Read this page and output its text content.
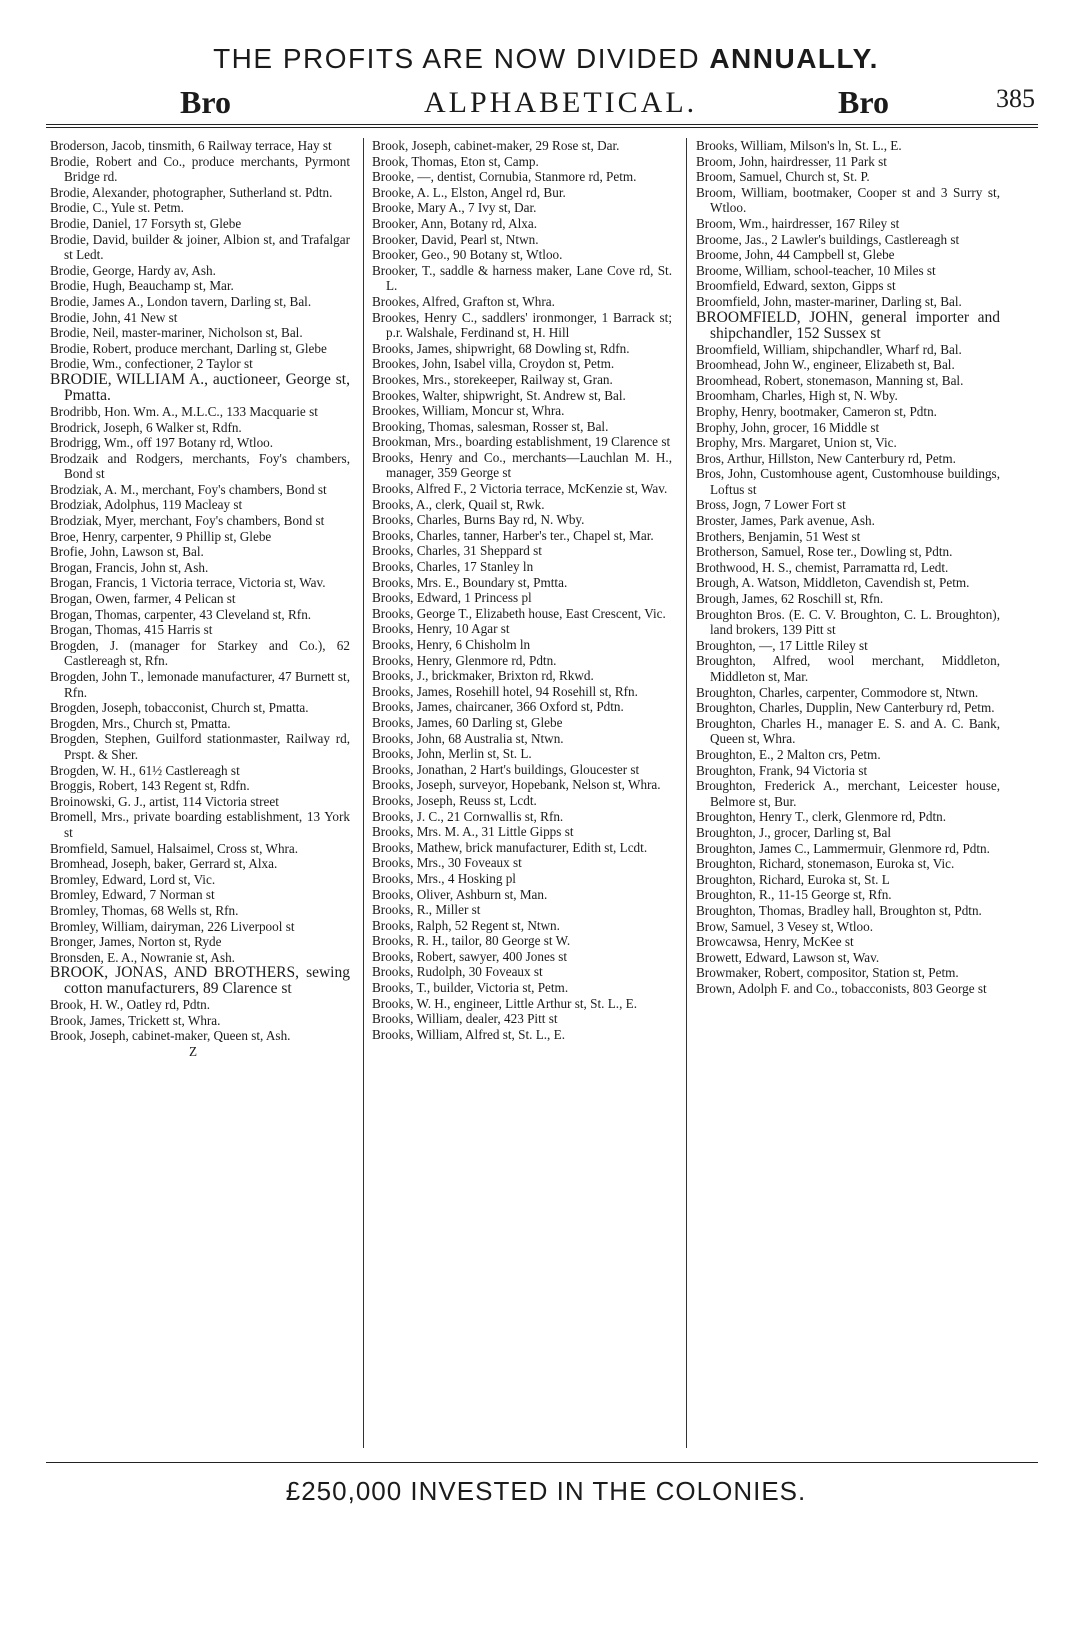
THE PROFITS ARE NOW DIVIDED ANNUALLY.
Bro	ALPHABETICAL.	Bro	385
Broderson, Jacob, tinsmith, 6 Railway terrace, Hay st
Brodie, Robert and Co., produce merchants, Pyrmont Bridge rd.
Brodie, Alexander, photographer, Sutherland st. Pdtn.
Brodie, C., Yule st. Petm.
Brodie, Daniel, 17 Forsyth st, Glebe
Brodie, David, builder & joiner, Albion st, and Trafalgar st Ledt.
Brodie, George, Hardy av, Ash.
Brodie, Hugh, Beauchamp st, Mar.
Brodie, James A., London tavern, Darling st, Bal.
Brodie, John, 41 New st
Brodie, Neil, master-mariner, Nicholson st, Bal.
Brodie, Robert, produce merchant, Darling st, Glebe
Brodie, Wm., confectioner, 2 Taylor st
BRODIE, WILLIAM A., auctioneer, George st, Pmatta.
Brodribb, Hon. Wm. A., M.L.C., 133 Macquarie st
Brodrick, Joseph, 6 Walker st, Rdfn.
Brodrigg, Wm., off 197 Botany rd, Wtloo.
Brodzaik and Rodgers, merchants, Foy's chambers, Bond st
Brodziak, A. M., merchant, Foy's chambers, Bond st
Brodziak, Adolphus, 119 Macleay st
Brodziak, Myer, merchant, Foy's chambers, Bond st
Broe, Henry, carpenter, 9 Phillip st, Glebe
Brofie, John, Lawson st, Bal.
Brogan, Francis, John st, Ash.
Brogan, Francis, 1 Victoria terrace, Victoria st, Wav.
Brogan, Owen, farmer, 4 Pelican st
Brogan, Thomas, carpenter, 43 Cleveland st, Rfn.
Brogan, Thomas, 415 Harris st
Brogden, J. (manager for Starkey and Co.), 62 Castlereagh st, Rfn.
Brogden, John T., lemonade manufacturer, 47 Burnett st, Rfn.
Brogden, Joseph, tobacconist, Church st, Pmatta.
Brogden, Mrs., Church st, Pmatta.
Brogden, Stephen, Guilford stationmaster, Railway rd, Prspt. & Sher.
Brogden, W. H., 61½ Castlereagh st
Broggis, Robert, 143 Regent st, Rdfn.
Broinowski, G. J., artist, 114 Victoria street
Bromell, Mrs., private boarding establishment, 13 York st
Bromfield, Samuel, Halsaimel, Cross st, Whra.
Bromhead, Joseph, baker, Gerrard st, Alxa.
Bromley, Edward, Lord st, Vic.
Bromley, Edward, 7 Norman st
Bromley, Thomas, 68 Wells st, Rfn.
Bromley, William, dairyman, 226 Liverpool st
Bronger, James, Norton st, Ryde
Bronsden, E. A., Nowranie st, Ash.
BROOK, JONAS, AND BROTHERS, sewing cotton manufacturers, 89 Clarence st
Brook, H. W., Oatley rd, Pdtn.
Brook, James, Trickett st, Whra.
Brook, Joseph, cabinet-maker, Queen st, Ash.
Z
Brook, Joseph, cabinet-maker, 29 Rose st, Dar.
Brook, Thomas, Eton st, Camp.
Brooke, —, dentist, Cornubia, Stanmore rd, Petm.
Brooke, A. L., Elston, Angel rd, Bur.
Brooke, Mary A., 7 Ivy st, Dar.
Brooker, Ann, Botany rd, Alxa.
Brooker, David, Pearl st, Ntwn.
Brooker, Geo., 90 Botany st, Wtloo.
Brooker, T., saddle & harness maker, Lane Cove rd, St. L.
Brookes, Alfred, Grafton st, Whra.
Brookes, Henry C., saddlers' ironmonger, 1 Barrack st; p.r. Walshale, Ferdinand st, H. Hill
Brooks, James, shipwright, 68 Dowling st, Rdfn.
Brookes, John, Isabel villa, Croydon st, Petm.
Brookes, Mrs., storekeeper, Railway st, Gran.
Brookes, Walter, shipwright, St. Andrew st, Bal.
Brookes, William, Moncur st, Whra.
Brooking, Thomas, salesman, Rosser st, Bal.
Brookman, Mrs., boarding establishment, 19 Clarence st
Brooks, Henry and Co., merchants—Lauchlan M. H., manager, 359 George st
Brooks, Alfred F., 2 Victoria terrace, McKenzie st, Wav.
Brooks, A., clerk, Quail st, Rwk.
Brooks, Charles, Burns Bay rd, N. Wby.
Brooks, Charles, tanner, Harber's ter., Chapel st, Mar.
Brooks, Charles, 31 Sheppard st
Brooks, Charles, 17 Stanley ln
Brooks, Mrs. E., Boundary st, Pmtta.
Brooks, Edward, 1 Princess pl
Brooks, George T., Elizabeth house, East Crescent, Vic.
Brooks, Henry, 10 Agar st
Brooks, Henry, 6 Chisholm ln
Brooks, Henry, Glenmore rd, Pdtn.
Brooks, J., brickmaker, Brixton rd, Rkwd.
Brooks, James, Rosehill hotel, 94 Rosehill st, Rfn.
Brooks, James, chaircaner, 366 Oxford st, Pdtn.
Brooks, James, 60 Darling st, Glebe
Brooks, John, 68 Australia st, Ntwn.
Brooks, John, Merlin st, St. L.
Brooks, Jonathan, 2 Hart's buildings, Gloucester st
Brooks, Joseph, surveyor, Hopebank, Nelson st, Whra.
Brooks, Joseph, Reuss st, Lcdt.
Brooks, J. C., 21 Cornwallis st, Rfn.
Brooks, Mrs. M. A., 31 Little Gipps st
Brooks, Mathew, brick manufacturer, Edith st, Lcdt.
Brooks, Mrs., 30 Foveaux st
Brooks, Mrs., 4 Hosking pl
Brooks, Oliver, Ashburn st, Man.
Brooks, R., Miller st
Brooks, Ralph, 52 Regent st, Ntwn.
Brooks, R. H., tailor, 80 George st W.
Brooks, Robert, sawyer, 400 Jones st
Brooks, Rudolph, 30 Foveaux st
Brooks, T., builder, Victoria st, Petm.
Brooks, W. H., engineer, Little Arthur st, St. L., E.
Brooks, William, dealer, 423 Pitt st
Brooks, William, Alfred st, St. L., E.
Brooks, William, Milson's ln, St. L., E.
Broom, John, hairdresser, 11 Park st
Broom, Samuel, Church st, St. P.
Broom, William, bootmaker, Cooper st and 3 Surry st, Wtloo.
Broom, Wm., hairdresser, 167 Riley st
Broome, Jas., 2 Lawler's buildings, Castlereagh st
Broome, John, 44 Campbell st, Glebe
Broome, William, school-teacher, 10 Miles st
Broomfield, Edward, sexton, Gipps st
Broomfield, John, master-mariner, Darling st, Bal.
BROOMFIELD, JOHN, general importer and shipchandler, 152 Sussex st
Broomfield, William, shipchandler, Wharf rd, Bal.
Broomhead, John W., engineer, Elizabeth st, Bal.
Broomhead, Robert, stonemason, Manning st, Bal.
Broomham, Charles, High st, N. Wby.
Brophy, Henry, bootmaker, Cameron st, Pdtn.
Brophy, John, grocer, 16 Middle st
Brophy, Mrs. Margaret, Union st, Vic.
Bros, Arthur, Hillston, New Canterbury rd, Petm.
Bros, John, Customhouse agent, Customhouse buildings, Loftus st
Bross, Jogn, 7 Lower Fort st
Broster, James, Park avenue, Ash.
Brothers, Benjamin, 51 West st
Brotherson, Samuel, Rose ter., Dowling st, Pdtn.
Brothwood, H. S., chemist, Parramatta rd, Ledt.
Brough, A. Watson, Middleton, Cavendish st, Petm.
Brough, James, 62 Roschill st, Rfn.
Broughton Bros. (E. C. V. Broughton, C. L. Broughton), land brokers, 139 Pitt st
Broughton, —, 17 Little Riley st
Broughton, Alfred, wool merchant, Middleton, Middleton st, Mar.
Broughton, Charles, carpenter, Commodore st, Ntwn.
Broughton, Charles, Dupplin, New Canterbury rd, Petm.
Broughton, Charles H., manager E. S. and A. C. Bank, Queen st, Whra.
Broughton, E., 2 Malton crs, Petm.
Broughton, Frank, 94 Victoria st
Broughton, Frederick A., merchant, Leicester house, Belmore st, Bur.
Broughton, Henry T., clerk, Glenmore rd, Pdtn.
Broughton, J., grocer, Darling st, Bal
Broughton, James C., Lammermuir, Glenmore rd, Pdtn.
Broughton, Richard, stonemason, Euroka st, Vic.
Broughton, Richard, Euroka st, St. L
Broughton, R., 11-15 George st, Rfn.
Broughton, Thomas, Bradley hall, Broughton st, Pdtn.
Brow, Samuel, 3 Vesey st, Wtloo.
Browcawsa, Henry, McKee st
Browett, Edward, Lawson st, Wav.
Browmaker, Robert, compositor, Station st, Petm.
Brown, Adolph F. and Co., tobacconists, 803 George st
£250,000 INVESTED IN THE COLONIES.
